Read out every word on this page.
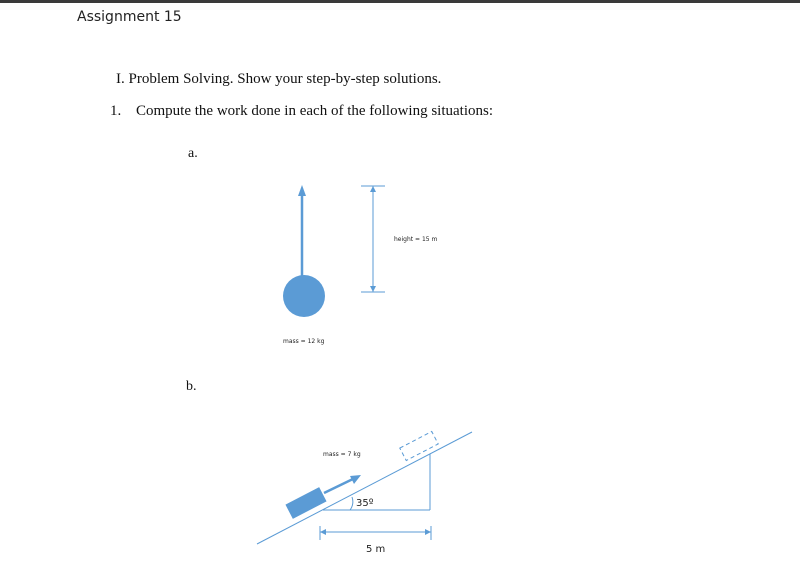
Assignment 15
I. Problem Solving. Show your step-by-step solutions.
1. Compute the work done in each of the following situations:
a.
b.
height = 15 m
mass = 12 kg
35º
mass = 7 kg
5 m
